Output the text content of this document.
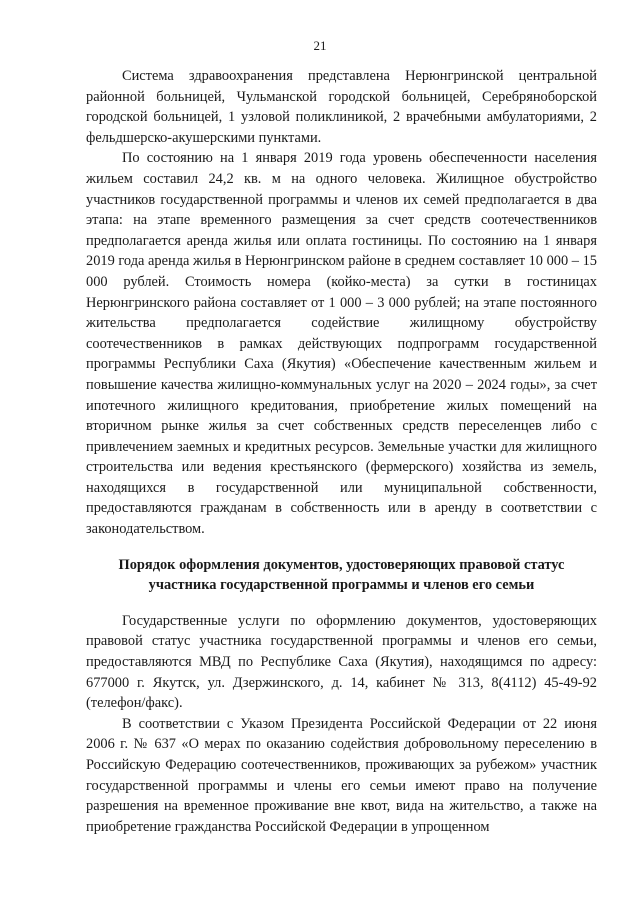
21

Система здравоохранения представлена Нерюнгринской центральной районной больницей, Чульманской городской больницей, Серебряноборской городской больницей, 1 узловой поликлиникой, 2 врачебными амбулаториями, 2 фельдшерско-акушерскими пунктами.

По состоянию на 1 января 2019 года уровень обеспеченности населения жильем составил 24,2 кв. м на одного человека. Жилищное обустройство участников государственной программы и членов их семей предполагается в два этапа: на этапе временного размещения за счет средств соотечественников предполагается аренда жилья или оплата гостиницы. По состоянию на 1 января 2019 года аренда жилья в Нерюнгринском районе в среднем составляет 10 000 – 15 000 рублей. Стоимость номера (койко-места) за сутки в гостиницах Нерюнгринского района составляет от 1 000 – 3 000 рублей; на этапе постоянного жительства предполагается содействие жилищному обустройству соотечественников в рамках действующих подпрограмм государственной программы Республики Саха (Якутия) «Обеспечение качественным жильем и повышение качества жилищно-коммунальных услуг на 2020 – 2024 годы», за счет ипотечного жилищного кредитования, приобретение жилых помещений на вторичном рынке жилья за счет собственных средств переселенцев либо с привлечением заемных и кредитных ресурсов. Земельные участки для жилищного строительства или ведения крестьянского (фермерского) хозяйства из земель, находящихся в государственной или муниципальной собственности, предоставляются гражданам в собственность или в аренду в соответствии с законодательством.

Порядок оформления документов, удостоверяющих правовой статус
участника государственной программы и членов его семьи

Государственные услуги по оформлению документов, удостоверяющих правовой статус участника государственной программы и членов его семьи, предоставляются МВД по Республике Саха (Якутия), находящимся по адресу: 677000 г. Якутск, ул. Дзержинского, д. 14, кабинет № 313, 8(4112) 45-49-92 (телефон/факс).

В соответствии с Указом Президента Российской Федерации от 22 июня 2006 г. № 637 «О мерах по оказанию содействия добровольному переселению в Российскую Федерацию соотечественников, проживающих за рубежом» участник государственной программы и члены его семьи имеют право на получение разрешения на временное проживание вне квот, вида на жительство, а также на приобретение гражданства Российской Федерации в упрощенном
